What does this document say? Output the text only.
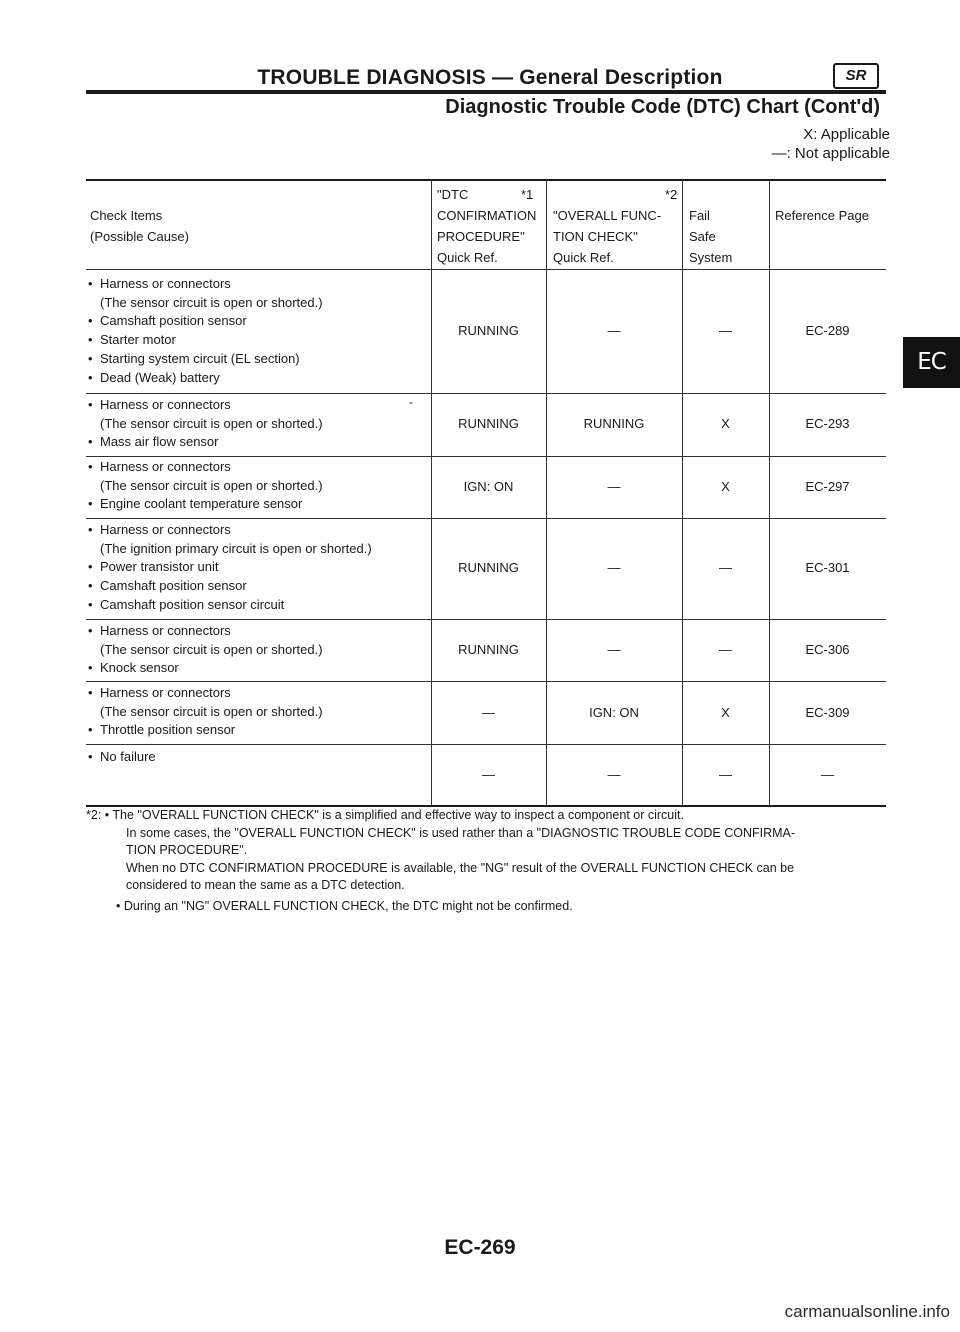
TROUBLE DIAGNOSIS — General Description	SR
Diagnostic Trouble Code (DTC) Chart (Cont'd)
X: Applicable
—: Not applicable
EC
Check Items
(Possible Cause)
"DTC	*1
CONFIRMATION
PROCEDURE"
Quick Ref.
*2
"OVERALL FUNC-
TION CHECK"
Quick Ref.
Fail
Safe
System
Reference Page
• Harness or connectors
(The sensor circuit is open or shorted.)
• Camshaft position sensor
• Starter motor
• Starting system circuit (EL section)
• Dead (Weak) battery
RUNNING	—	—	EC-289
• Harness or connectors
(The sensor circuit is open or shorted.)
• Mass air flow sensor
-
RUNNING	RUNNING	X	EC-293
• Harness or connectors
(The sensor circuit is open or shorted.)
• Engine coolant temperature sensor
IGN: ON	—	X	EC-297
• Harness or connectors
(The ignition primary circuit is open or shorted.)
• Power transistor unit
• Camshaft position sensor
• Camshaft position sensor circuit
RUNNING	—	—	EC-301
• Harness or connectors
(The sensor circuit is open or shorted.)
• Knock sensor
RUNNING	—	—	EC-306
• Harness or connectors
(The sensor circuit is open or shorted.)
• Throttle position sensor
—	IGN: ON	X	EC-309
• No failure
—	—	—	—

*2: • The "OVERALL FUNCTION CHECK" is a simplified and effective way to inspect a component or circuit.

In some cases, the "OVERALL FUNCTION CHECK" is used rather than a "DIAGNOSTIC TROUBLE CODE CONFIRMA-

TION PROCEDURE".

When no DTC CONFIRMATION PROCEDURE is available, the "NG" result of the OVERALL FUNCTION CHECK can be

considered to mean the same as a DTC detection.

• During an "NG" OVERALL FUNCTION CHECK, the DTC might not be confirmed.

EC-269
carmanualsonline.info
